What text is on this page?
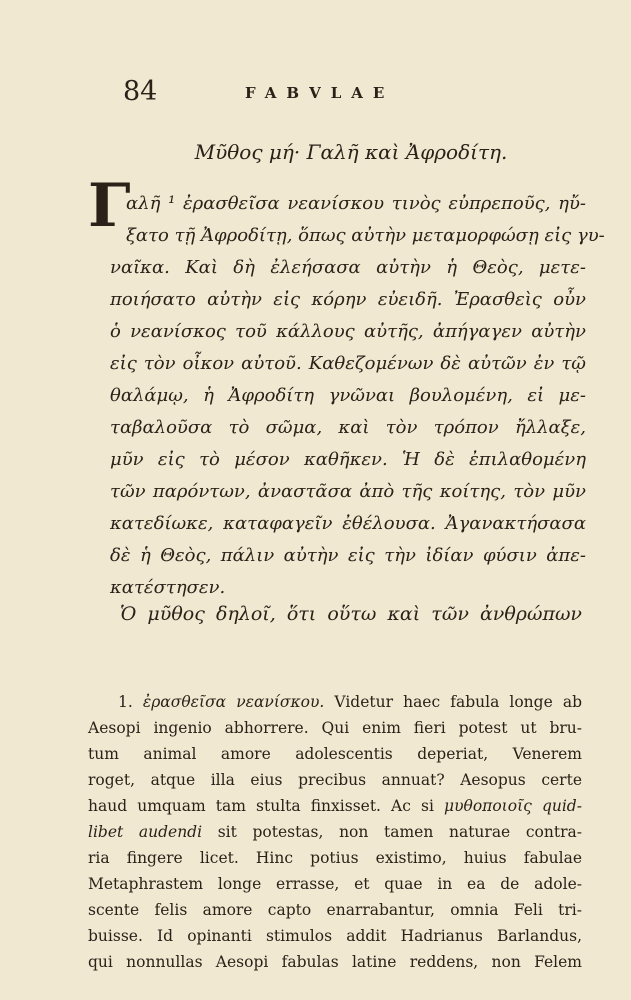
84	FABVLAE
Μῦθος μή· Γαλῆ καὶ Ἀφροδίτη.
Γ
αλῆ ¹ ἐρασθεῖσα νεανίσκου τινὸς εὐπρεποῦς, ηὔ-
ξατο τῇ Ἀφροδίτῃ, ὅπως αὐτὴν μεταμορφώσῃ εἰς γυ-
ναῖκα. Καὶ δὴ ἐλεήσασα αὐτὴν ἡ Θεὸς, μετε-
ποιήσατο αὐτὴν εἰς κόρην εὐειδῆ. Ἐρασθεὶς οὖν
ὁ νεανίσκος τοῦ κάλλους αὐτῆς, ἀπήγαγεν αὐτὴν
εἰς τὸν οἶκον αὐτοῦ. Καθεζομένων δὲ αὐτῶν ἐν τῷ
θαλάμῳ, ἡ Ἀφροδίτη γνῶναι βουλομένη, εἰ με-
ταβαλοῦσα τὸ σῶμα, καὶ τὸν τρόπον ἤλλαξε,
μῦν εἰς τὸ μέσον καθῆκεν. Ἡ δὲ ἐπιλαθομένη
τῶν παρόντων, ἀναστᾶσα ἀπὸ τῆς κοίτης, τὸν μῦν
κατεδίωκε, καταφαγεῖν ἐθέλουσα. Ἀγανακτήσασα
δὲ ἡ Θεὸς, πάλιν αὐτὴν εἰς τὴν ἰδίαν φύσιν ἀπε-
κατέστησεν.
Ὁ μῦθος δηλοῖ, ὅτι οὕτω καὶ τῶν ἀνθρώπων
1. ἐρασθεῖσα νεανίσκου. Videtur haec fabula longe ab
Aesopi ingenio abhorrere. Qui enim fieri potest ut bru-
tum animal amore adolescentis deperiat, Venerem
roget, atque illa eius precibus annuat? Aesopus certe
haud umquam tam stulta finxisset. Ac si μυθοποιοῖς quid-
libet audendi sit potestas, non tamen naturae contra-
ria fingere licet. Hinc potius existimo, huius fabulae
Metaphrastem longe errasse, et quae in ea de adole-
scente felis amore capto enarrabantur, omnia Feli tri-
buisse. Id opinanti stimulos addit Hadrianus Barlandus,
qui nonnullas Aesopi fabulas latine reddens, non Felem
